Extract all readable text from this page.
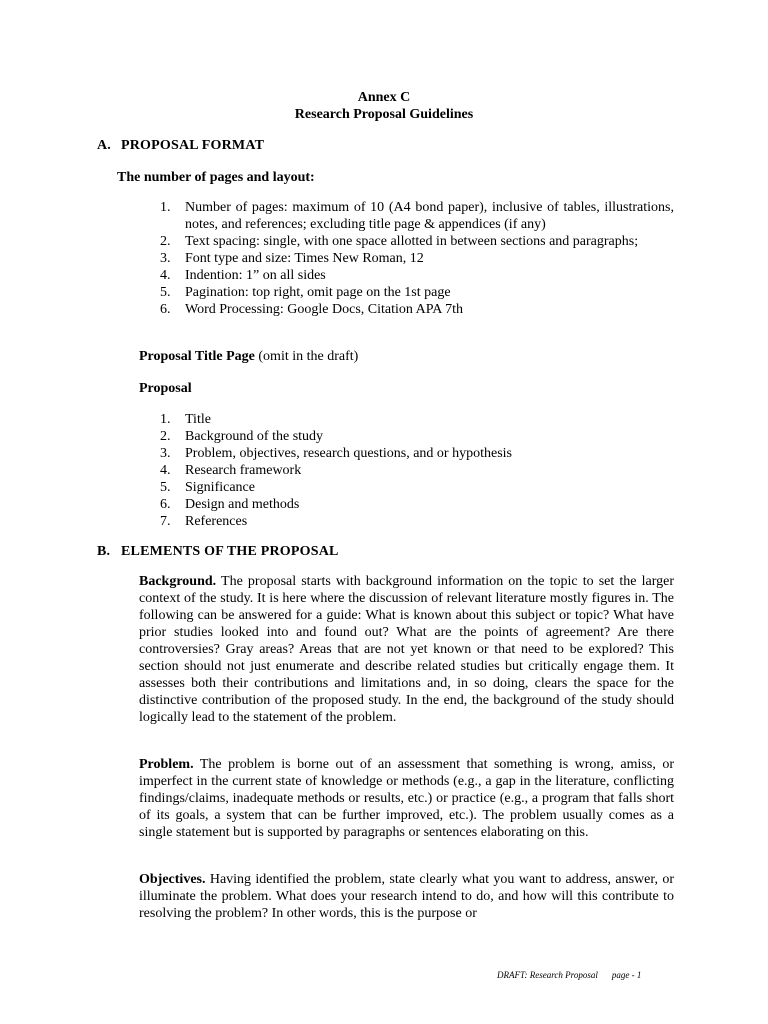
Annex C
Research Proposal Guidelines
A. PROPOSAL FORMAT
The number of pages and layout:
1.	Number of pages: maximum of 10 (A4 bond paper), inclusive of tables, illustrations, notes, and references; excluding title page & appendices (if any)
2.	Text spacing: single, with one space allotted in between sections and paragraphs;
3.	Font type and size: Times New Roman, 12
4.	Indention: 1” on all sides
5.	Pagination: top right, omit page on the 1st page
6.	Word Processing: Google Docs, Citation APA 7th
Proposal Title Page (omit in the draft)
Proposal
1.	Title
2.	Background of the study
3.	Problem, objectives, research questions, and or hypothesis
4.	Research framework
5.	Significance
6.	Design and methods
7.	References
B. ELEMENTS OF THE PROPOSAL

Background. The proposal starts with background information on the topic to set the larger context of the study. It is here where the discussion of relevant literature mostly figures in. The following can be answered for a guide: What is known about this subject or topic? What have prior studies looked into and found out? What are the points of agreement? Are there controversies? Gray areas? Areas that are not yet known or that need to be explored? This section should not just enumerate and describe related studies but critically engage them. It assesses both their contributions and limitations and, in so doing, clears the space for the distinctive contribution of the proposed study. In the end, the background of the study should logically lead to the statement of the problem.

Problem. The problem is borne out of an assessment that something is wrong, amiss, or imperfect in the current state of knowledge or methods (e.g., a gap in the literature, conflicting findings/claims, inadequate methods or results, etc.) or practice (e.g., a program that falls short of its goals, a system that can be further improved, etc.). The problem usually comes as a single statement but is supported by paragraphs or sentences elaborating on this.

Objectives. Having identified the problem, state clearly what you want to address, answer, or illuminate the problem. What does your research intend to do, and how will this contribute to resolving the problem? In other words, this is the purpose or

DRAFT: Research Proposal page - 1
